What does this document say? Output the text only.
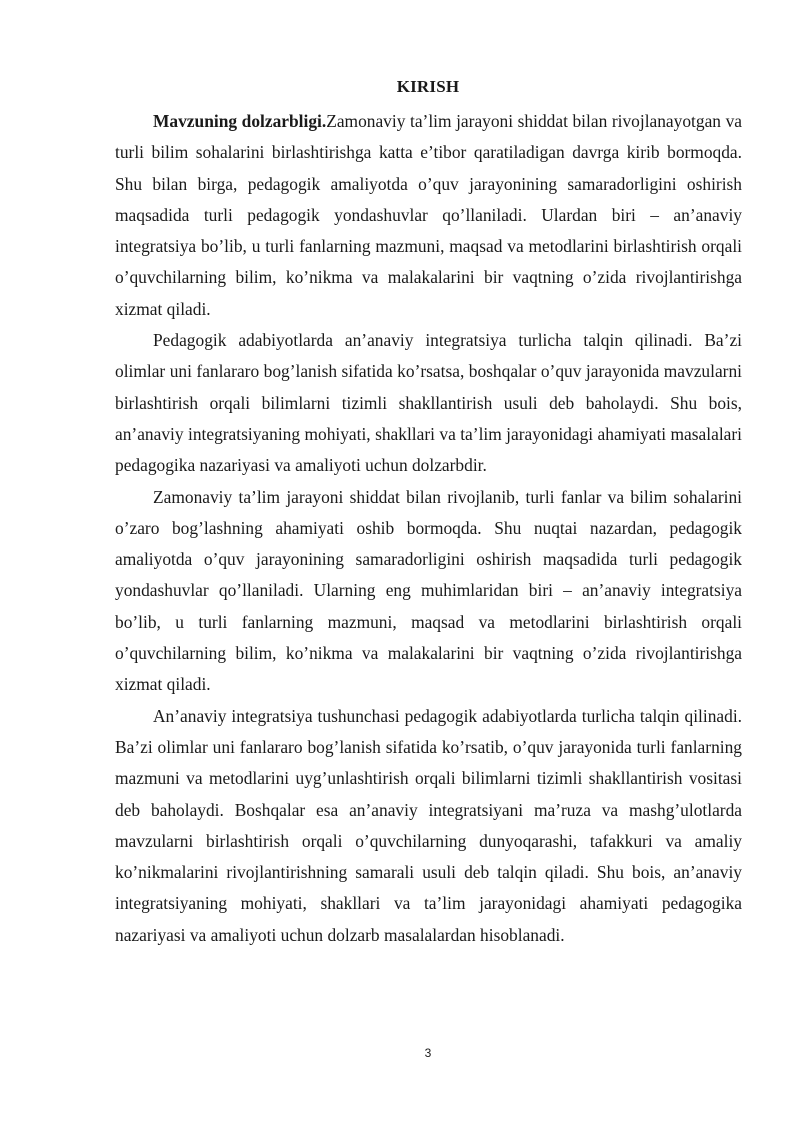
KIRISH

Mavzuning dolzarbligi.Zamonaviy ta’lim jarayoni shiddat bilan rivojlanayotgan va turli bilim sohalarini birlashtirishga katta e’tibor qaratiladigan davrga kirib bormoqda. Shu bilan birga, pedagogik amaliyotda o’quv jarayonining samaradorligini oshirish maqsadida turli pedagogik yondashuvlar qo’llaniladi. Ulardan biri – an’anaviy integratsiya bo’lib, u turli fanlarning mazmuni, maqsad va metodlarini birlashtirish orqali o’quvchilarning bilim, ko’nikma va malakalarini bir vaqtning o’zida rivojlantirishga xizmat qiladi.

Pedagogik adabiyotlarda an’anaviy integratsiya turlicha talqin qilinadi. Ba’zi olimlar uni fanlararo bog’lanish sifatida ko’rsatsa, boshqalar o’quv jarayonida mavzularni birlashtirish orqali bilimlarni tizimli shakllantirish usuli deb baholaydi. Shu bois, an’anaviy integratsiyaning mohiyati, shakllari va ta’lim jarayonidagi ahamiyati masalalari pedagogika nazariyasi va amaliyoti uchun dolzarbdir.

Zamonaviy ta’lim jarayoni shiddat bilan rivojlanib, turli fanlar va bilim sohalarini o’zaro bog’lashning ahamiyati oshib bormoqda. Shu nuqtai nazardan, pedagogik amaliyotda o’quv jarayonining samaradorligini oshirish maqsadida turli pedagogik yondashuvlar qo’llaniladi. Ularning eng muhimlaridan biri – an’anaviy integratsiya bo’lib, u turli fanlarning mazmuni, maqsad va metodlarini birlashtirish orqali o’quvchilarning bilim, ko’nikma va malakalarini bir vaqtning o’zida rivojlantirishga xizmat qiladi.

An’anaviy integratsiya tushunchasi pedagogik adabiyotlarda turlicha talqin qilinadi. Ba’zi olimlar uni fanlararo bog’lanish sifatida ko’rsatib, o’quv jarayonida turli fanlarning mazmuni va metodlarini uyg’unlashtirish orqali bilimlarni tizimli shakllantirish vositasi deb baholaydi. Boshqalar esa an’anaviy integratsiyani ma’ruza va mashg’ulotlarda mavzularni birlashtirish orqali o’quvchilarning dunyoqarashi, tafakkuri va amaliy ko’nikmalarini rivojlantirishning samarali usuli deb talqin qiladi. Shu bois, an’anaviy integratsiyaning mohiyati, shakllari va ta’lim jarayonidagi ahamiyati pedagogika nazariyasi va amaliyoti uchun dolzarb masalalardan hisoblanadi.

3
